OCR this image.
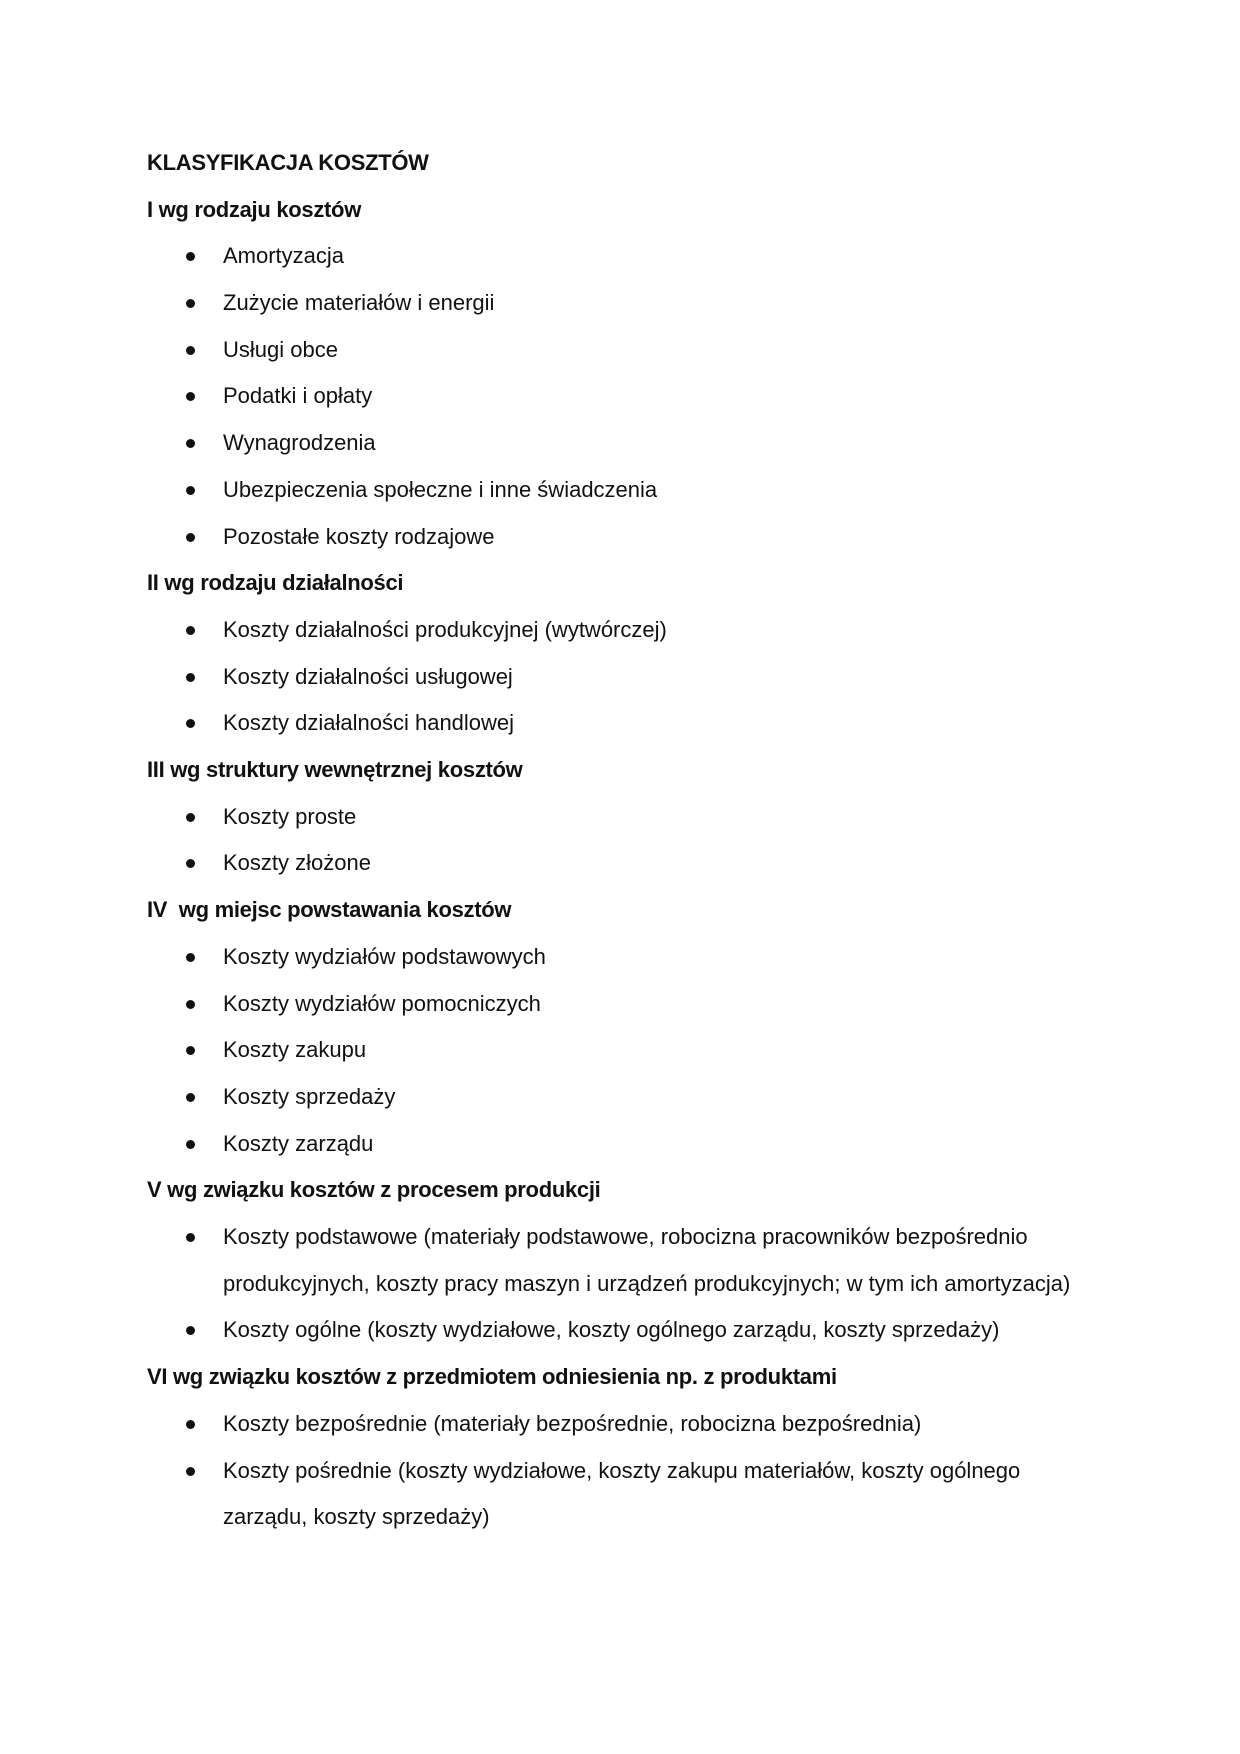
KLASYFIKACJA KOSZTÓW
I wg rodzaju kosztów
Amortyzacja
Zużycie materiałów i energii
Usługi obce
Podatki i opłaty
Wynagrodzenia
Ubezpieczenia społeczne i inne świadczenia
Pozostałe koszty rodzajowe
II wg rodzaju działalności
Koszty działalności produkcyjnej (wytwórczej)
Koszty działalności usługowej
Koszty działalności handlowej
III wg struktury wewnętrznej kosztów
Koszty proste
Koszty złożone
IV  wg miejsc powstawania kosztów
Koszty wydziałów podstawowych
Koszty wydziałów pomocniczych
Koszty zakupu
Koszty sprzedaży
Koszty zarządu
V wg związku kosztów z procesem produkcji
Koszty podstawowe (materiały podstawowe, robocizna pracowników bezpośrednio produkcyjnych, koszty pracy maszyn i urządzeń produkcyjnych; w tym ich amortyzacja)
Koszty ogólne (koszty wydziałowe, koszty ogólnego zarządu, koszty sprzedaży)
VI wg związku kosztów z przedmiotem odniesienia np. z produktami
Koszty bezpośrednie (materiały bezpośrednie, robocizna bezpośrednia)
Koszty pośrednie (koszty wydziałowe, koszty zakupu materiałów, koszty ogólnego zarządu, koszty sprzedaży)
